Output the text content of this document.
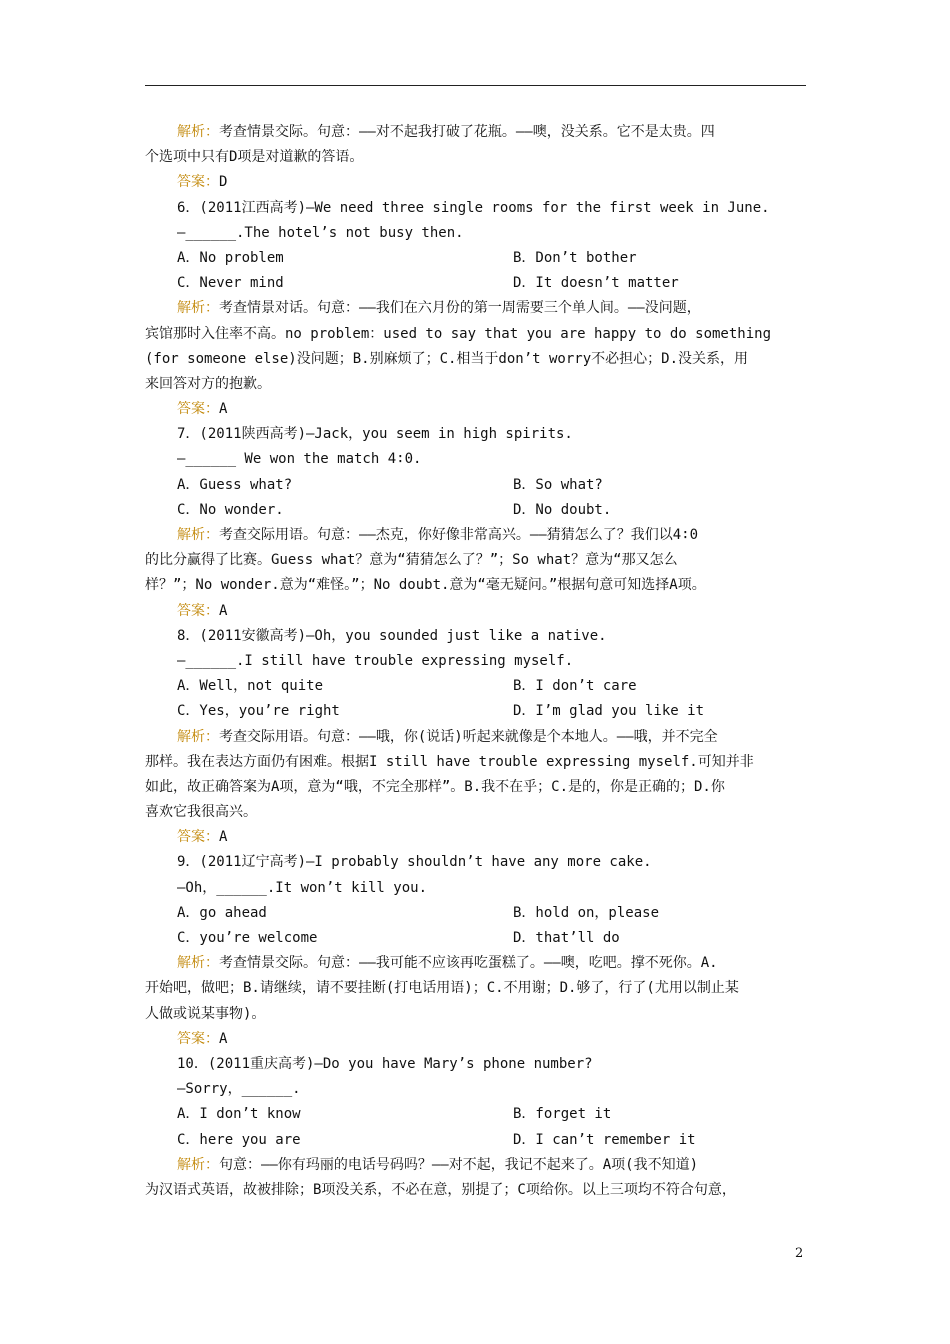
解析：考查情景交际。句意：——对不起我打破了花瓶。——噢，没关系。它不是太贵。四
个选项中只有D项是对道歉的答语。
答案：D
6．(2011江西高考)—We need three single rooms for the first week in June.
—______.The hotel’s not busy then.
A．No problem	B．Don’t bother
C．Never mind	D．It doesn’t matter
解析：考查情景对话。句意：——我们在六月份的第一周需要三个单人间。——没问题，
宾馆那时入住率不高。no problem：used to say that you are happy to do something
(for someone else)没问题；B.别麻烦了；C.相当于don’t worry不必担心；D.没关系，用
来回答对方的抱歉。
答案：A
7．(2011陕西高考)—Jack，you seem in high spirits.
—______ We won the match 4∶0.
A．Guess what?	B．So what?
C．No wonder.	D．No doubt.
解析：考查交际用语。句意：——杰克，你好像非常高兴。——猜猜怎么了？我们以4∶0
的比分赢得了比赛。Guess what？意为“猜猜怎么了？”；So what？意为“那又怎么
样？”；No wonder.意为“难怪。”；No doubt.意为“毫无疑问。”根据句意可知选择A项。
答案：A
8．(2011安徽高考)—Oh，you sounded just like a native.
—______.I still have trouble expressing myself.
A．Well，not quite	B．I don’t care
C．Yes，you’re right	D．I’m glad you like it
解析：考查交际用语。句意：——哦，你(说话)听起来就像是个本地人。——哦，并不完全
那样。我在表达方面仍有困难。根据I still have trouble expressing myself.可知并非
如此，故正确答案为A项，意为“哦，不完全那样”。B.我不在乎；C.是的，你是正确的；D.你
喜欢它我很高兴。
答案：A
9．(2011辽宁高考)—I probably shouldn’t have any more cake.
—Oh，______.It won’t kill you.
A．go ahead	B．hold on，please
C．you’re welcome	D．that’ll do
解析：考查情景交际。句意：——我可能不应该再吃蛋糕了。——噢，吃吧。撑不死你。A.
开始吧，做吧；B.请继续，请不要挂断(打电话用语)；C.不用谢；D.够了，行了(尤用以制止某
人做或说某事物)。
答案：A
10．(2011重庆高考)—Do you have Mary’s phone number?
—Sorry，______.
A．I don’t know	B．forget it
C．here you are	D．I can’t remember it
解析：句意：——你有玛丽的电话号码吗？——对不起，我记不起来了。A项(我不知道)
为汉语式英语，故被排除；B项没关系，不必在意，别提了；C项给你。以上三项均不符合句意，
2
